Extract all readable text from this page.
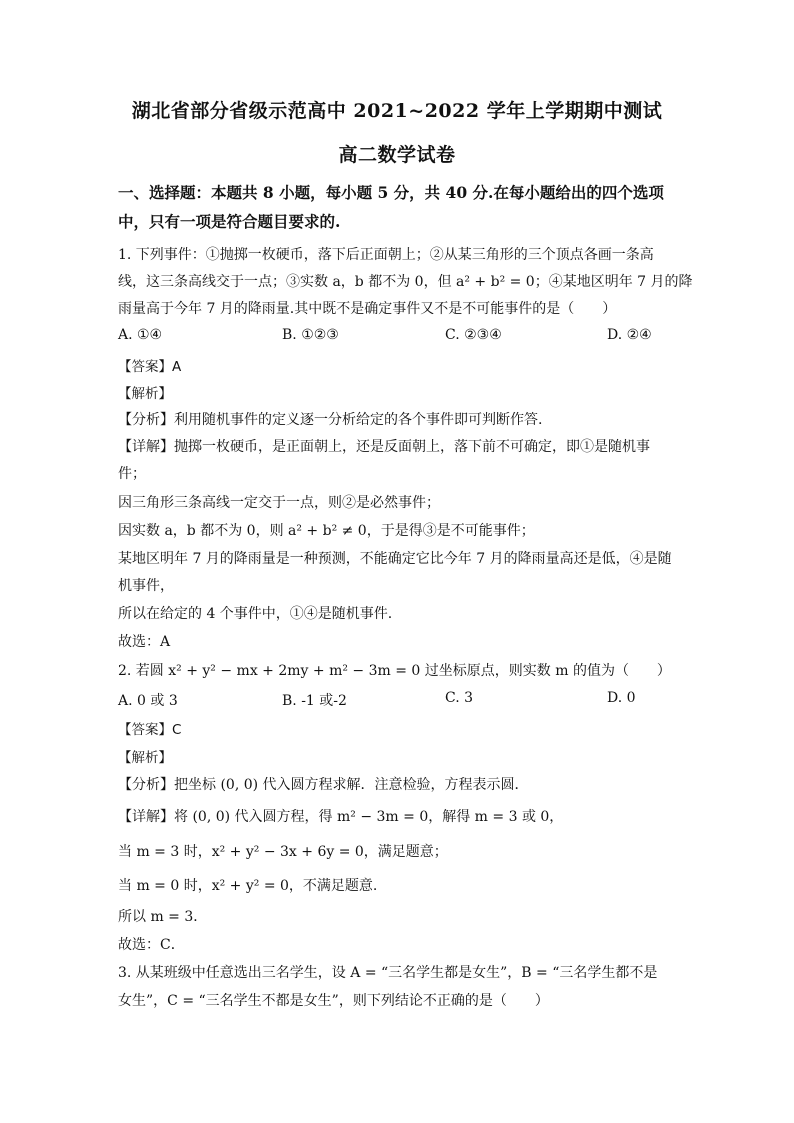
湖北省部分省级示范高中 2021~2022 学年上学期期中测试
高二数学试卷
一、选择题：本题共 8 小题，每小题 5 分，共 40 分.在每小题给出的四个选项
中，只有一项是符合题目要求的.
1. 下列事件：①抛掷一枚硬币，落下后正面朝上；②从某三角形的三个顶点各画一条高
线，这三条高线交于一点；③实数 a，b 都不为 0，但 a² + b² = 0；④某地区明年 7 月的降
雨量高于今年 7 月的降雨量.其中既不是确定事件又不是不可能事件的是（　　）
A. ①④	B. ①②③	C. ②③④	D. ②④
【答案】A
【解析】
【分析】利用随机事件的定义逐一分析给定的各个事件即可判断作答.
【详解】抛掷一枚硬币，是正面朝上，还是反面朝上，落下前不可确定，即①是随机事
件；
因三角形三条高线一定交于一点，则②是必然事件；
因实数 a，b 都不为 0，则 a² + b² ≠ 0，于是得③是不可能事件；
某地区明年 7 月的降雨量是一种预测，不能确定它比今年 7 月的降雨量高还是低，④是随
机事件，
所以在给定的 4 个事件中，①④是随机事件.
故选：A
2. 若圆 x² + y² − mx + 2my + m² − 3m = 0 过坐标原点，则实数 m 的值为（　　）
A. 0 或 3	B. -1 或-2	C. 3	D. 0
【答案】C
【解析】
【分析】把坐标 (0, 0) 代入圆方程求解．注意检验，方程表示圆．
【详解】将 (0, 0) 代入圆方程，得 m² − 3m = 0，解得 m = 3 或 0，
当 m = 3 时，x² + y² − 3x + 6y = 0，满足题意；
当 m = 0 时，x² + y² = 0，不满足题意.
所以 m = 3．
故选：C．
3. 从某班级中任意选出三名学生，设 A = “三名学生都是女生”，B = “三名学生都不是
女生”，C = “三名学生不都是女生”，则下列结论不正确的是（　　）
